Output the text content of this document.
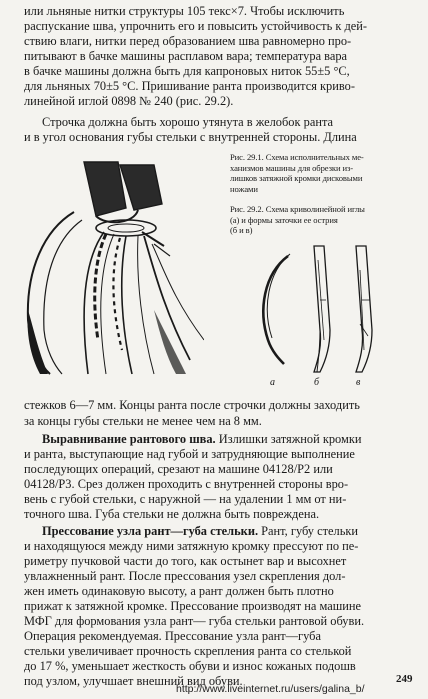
или льняные нитки структуры 105 текс×7. Чтобы исключить
распускание шва, упрочнить его и повысить устойчивость к дей-
ствию влаги, нитки перед образованием шва равномерно про-
питывают в бачке машины расплавом вара; температура вара
в бачке машины должна быть для капроновых ниток 55±5 °С,
для льняных 70±5 °С. Пришивание ранта производится криво-
линейной иглой 0898 № 240 (рис. 29.2).
Строчка должна быть хорошо утянута в желобок ранта
и в угол основания губы стельки с внутренней стороны. Длина
Рис. 29.1. Схема исполнительных ме-
ханизмов машины для обрезки из-
лишков затяжной кромки дисковыми
ножами
Рис. 29.2. Схема криволинейной иглы
(а) и формы заточки ее острия
(б и в)
а	б	в
стежков 6—7 мм. Концы ранта после строчки должны заходить
за концы губы стельки не менее чем на 8 мм.
Выравнивание рантового шва. Излишки затяжной кромки
и ранта, выступающие над губой и затрудняющие выполнение
последующих операций, срезают на машине 04128/Р2 или
04128/Р3. Срез должен проходить с внутренней стороны вро-
вень с губой стельки, с наружной — на удалении 1 мм от ни-
точного шва. Губа стельки не должна быть повреждена.
Прессование узла рант—губа стельки. Рант, губу стельки
и находящуюся между ними затяжную кромку прессуют по пе-
риметру пучковой части до того, как остынет вар и высохнет
увлажненный рант. После прессования узел скрепления дол-
жен иметь одинаковую высоту, а рант должен быть плотно
прижат к затяжной кромке. Прессование производят на машине
МФГ для формования узла рант— губа стельки рантовой обуви.
Операция рекомендуемая. Прессование узла рант—губа
стельки увеличивает прочность скрепления ранта со стелькой
до 17 %, уменьшает жесткость обуви и износ кожаных подошв
под узлом, улучшает внешний вид обуви.	249
http://www.liveinternet.ru/users/galina_b/
